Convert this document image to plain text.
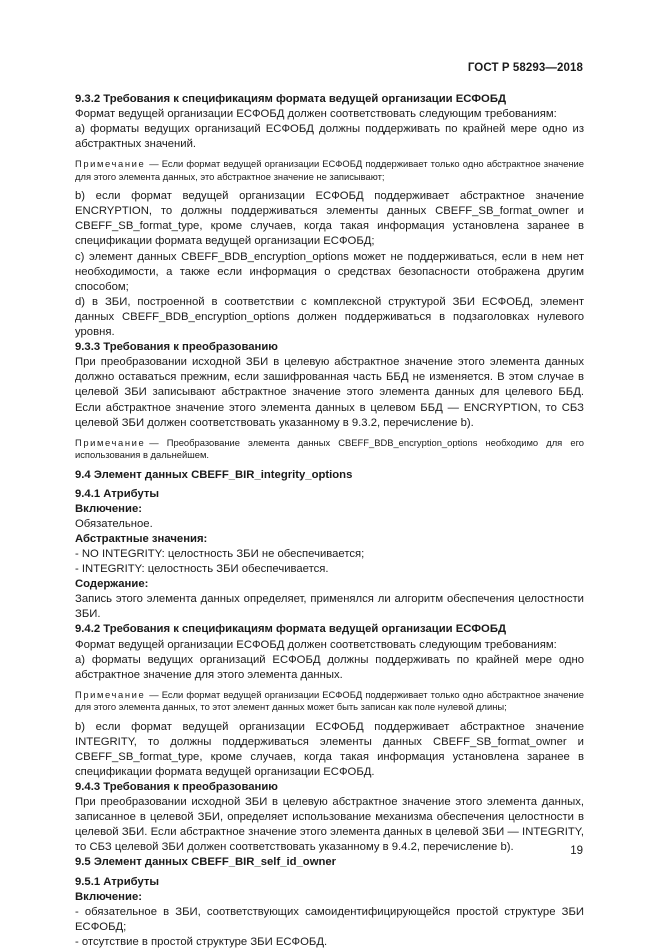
ГОСТ Р 58293—2018

9.3.2 Требования к спецификациям формата ведущей организации ЕСФОБД

Формат ведущей организации ЕСФОБД должен соответствовать следующим требованиям:

а) форматы ведущих организаций ЕСФОБД должны поддерживать по крайней мере одно из абстрактных значений.

Примечание — Если формат ведущей организации ЕСФОБД поддерживает только одно абстрактное значение для этого элемента данных, это абстрактное значение не записывают;

b) если формат ведущей организации ЕСФОБД поддерживает абстрактное значение ENCRYPTION, то должны поддерживаться элементы данных CBEFF_SB_format_owner и CBEFF_SB_format_type, кроме случаев, когда такая информация установлена заранее в спецификации формата ведущей организации ЕСФОБД;

c) элемент данных CBEFF_BDB_encryption_options может не поддерживаться, если в нем нет необходимости, а также если информация о средствах безопасности отображена другим способом;

d) в ЗБИ, построенной в соответствии с комплексной структурой ЗБИ ЕСФОБД, элемент данных CBEFF_BDB_encryption_options должен поддерживаться в подзаголовках нулевого уровня.

9.3.3 Требования к преобразованию

При преобразовании исходной ЗБИ в целевую абстрактное значение этого элемента данных должно оставаться прежним, если зашифрованная часть ББД не изменяется. В этом случае в целевой ЗБИ записывают абстрактное значение этого элемента данных для целевого ББД. Если абстрактное значение этого элемента данных в целевом ББД — ENCRYPTION, то СБЗ целевой ЗБИ должен соответствовать указанному в 9.3.2, перечисление b).

Примечание — Преобразование элемента данных CBEFF_BDB_encryption_options необходимо для его использования в дальнейшем.

9.4 Элемент данных CBEFF_BIR_integrity_options

9.4.1 Атрибуты

Включение:

Обязательное.

Абстрактные значения:

- NO INTEGRITY: целостность ЗБИ не обеспечивается;

- INTEGRITY: целостность ЗБИ обеспечивается.

Содержание:

Запись этого элемента данных определяет, применялся ли алгоритм обеспечения целостности ЗБИ.

9.4.2 Требования к спецификациям формата ведущей организации ЕСФОБД

Формат ведущей организации ЕСФОБД должен соответствовать следующим требованиям:

а) форматы ведущих организаций ЕСФОБД должны поддерживать по крайней мере одно абстрактное значение для этого элемента данных.

Примечание — Если формат ведущей организации ЕСФОБД поддерживает только одно абстрактное значение для этого элемента данных, то этот элемент данных может быть записан как поле нулевой длины;

b) если формат ведущей организации ЕСФОБД поддерживает абстрактное значение INTEGRITY, то должны поддерживаться элементы данных CBEFF_SB_format_owner и CBEFF_SB_format_type, кроме случаев, когда такая информация установлена заранее в спецификации формата ведущей организации ЕСФОБД.

9.4.3 Требования к преобразованию

При преобразовании исходной ЗБИ в целевую абстрактное значение этого элемента данных, записанное в целевой ЗБИ, определяет использование механизма обеспечения целостности в целевой ЗБИ. Если абстрактное значение этого элемента данных в целевой ЗБИ — INTEGRITY, то СБЗ целевой ЗБИ должен соответствовать указанному в 9.4.2, перечисление b).

9.5 Элемент данных CBEFF_BIR_self_id_owner

9.5.1 Атрибуты

Включение:

- обязательное в ЗБИ, соответствующих самоидентифицирующейся простой структуре ЗБИ ЕСФОБД;

- отсутствие в простой структуре ЗБИ ЕСФОБД.

19
